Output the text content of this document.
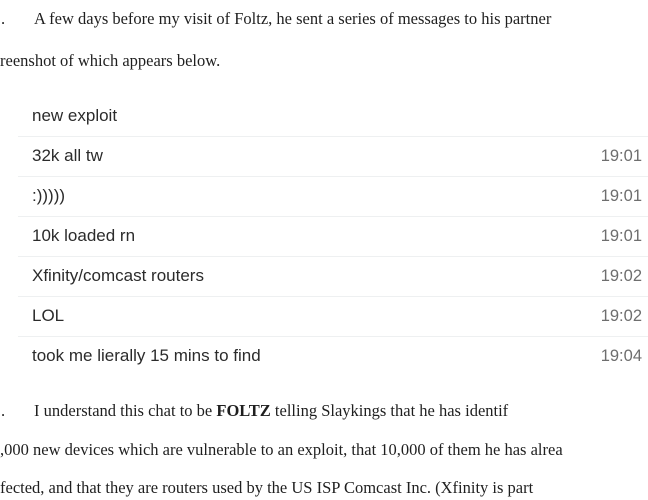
. A few days before my visit of Foltz, he sent a series of messages to his partner
reenshot of which appears below.
new exploit
32k all tw	19:01
:)))))	19:01
10k loaded rn	19:01
Xfinity/comcast routers	19:02
LOL	19:02
took me lierally 15 mins to find	19:04
. I understand this chat to be FOLTZ telling Slaykings that he has identif
,000 new devices which are vulnerable to an exploit, that 10,000 of them he has alrea
fected, and that they are routers used by the US ISP Comcast Inc. (Xfinity is part
